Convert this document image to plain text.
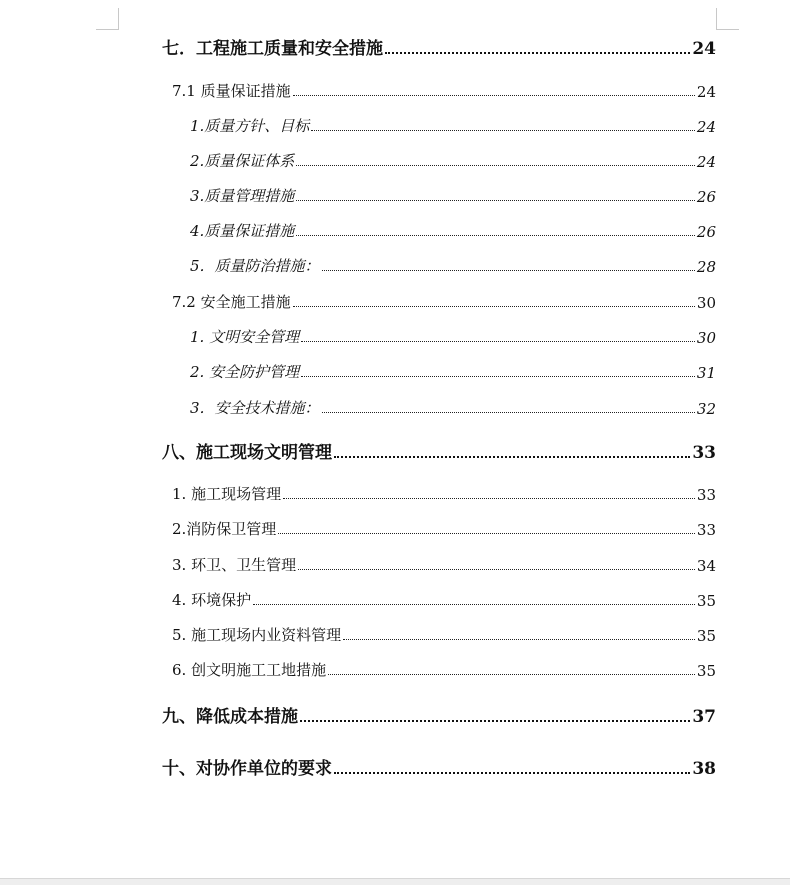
七．工程施工质量和安全措施	24
7.1 质量保证措施	24
1.质量方针、目标	24
2.质量保证体系	24
3.质量管理措施	26
4.质量保证措施	26
5．质量防治措施：	28
7.2 安全施工措施	30
1. 文明安全管理	30
2. 安全防护管理	31
3．安全技术措施：	32
八、施工现场文明管理	33
1. 施工现场管理	33
2.消防保卫管理	33
3. 环卫、卫生管理	34
4. 环境保护	35
5. 施工现场内业资料管理	35
6. 创文明施工工地措施	35
九、降低成本措施	37
十、对协作单位的要求	38
